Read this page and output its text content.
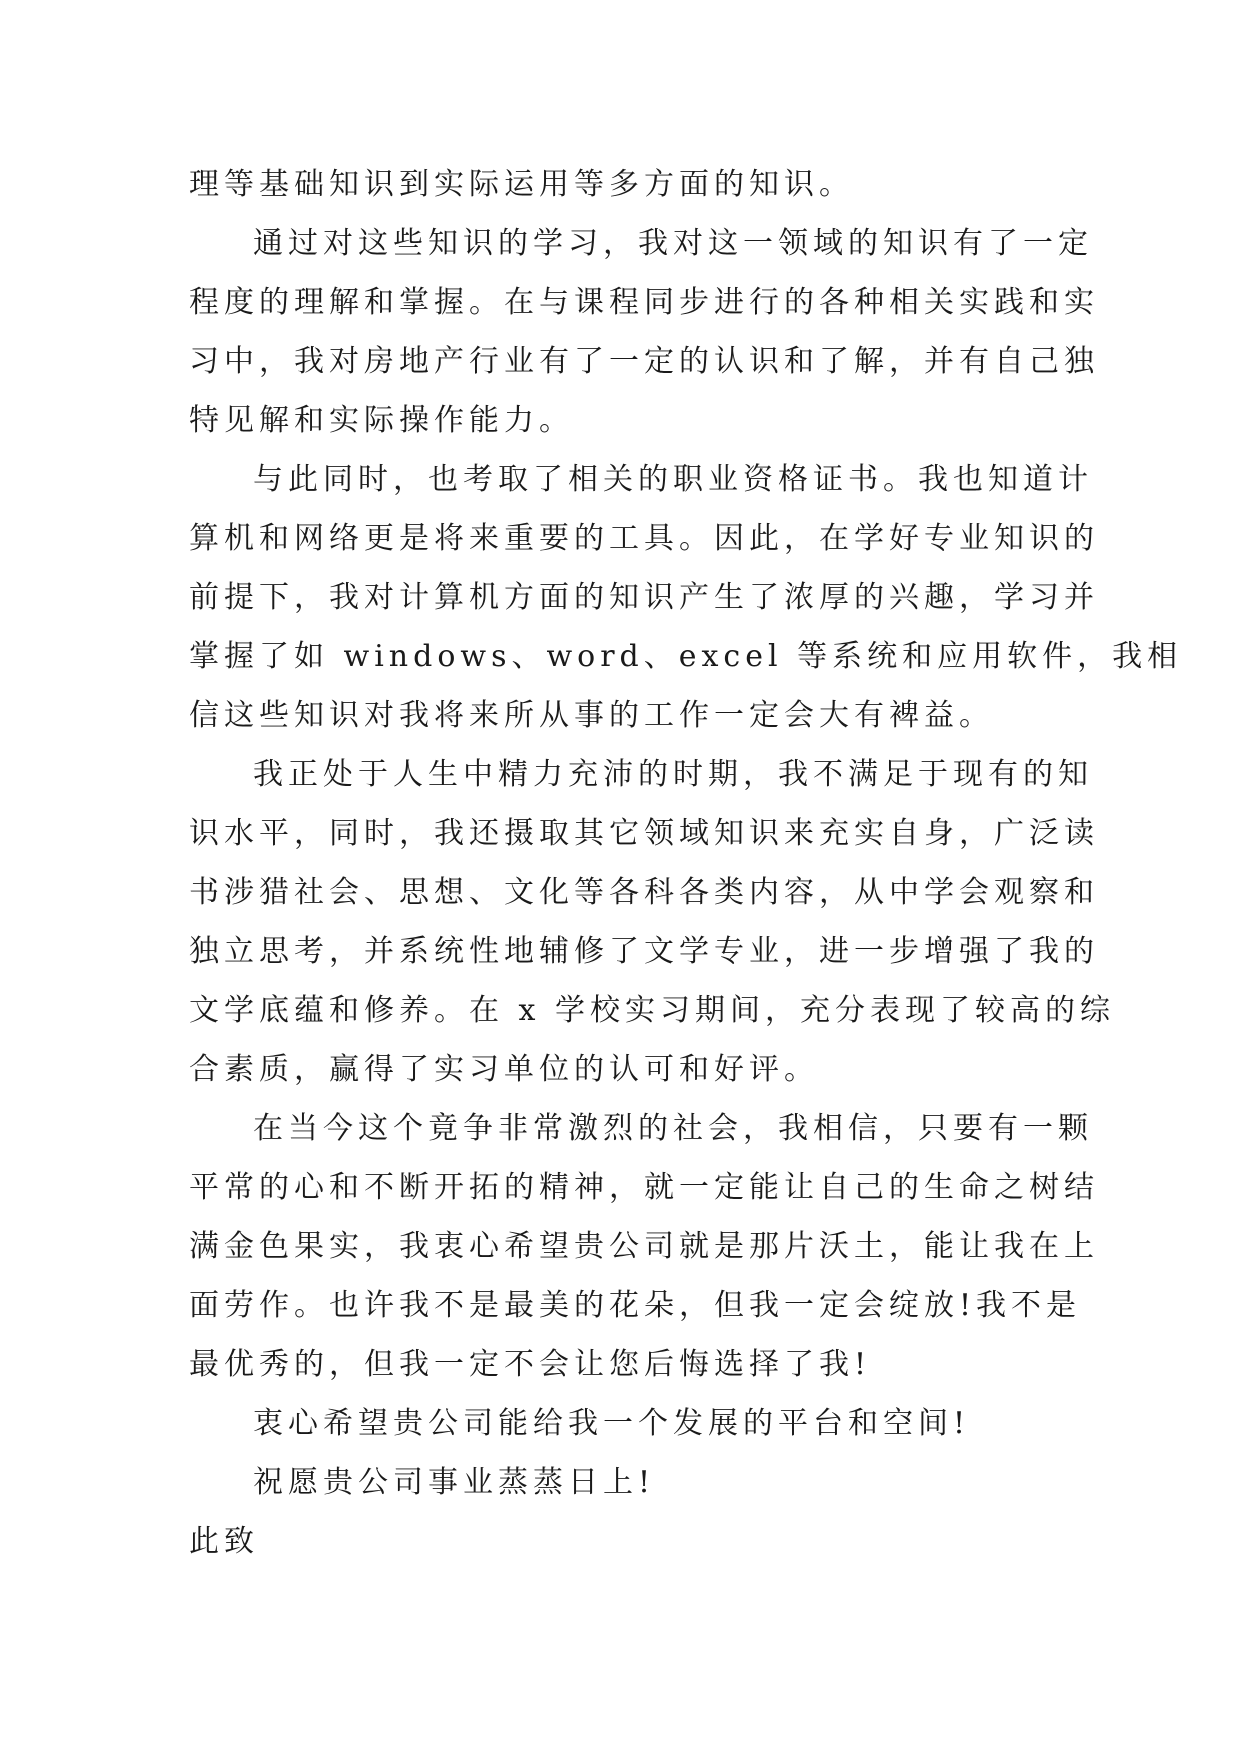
理等基础知识到实际运用等多方面的知识。
通过对这些知识的学习，我对这一领域的知识有了一定
程度的理解和掌握。在与课程同步进行的各种相关实践和实
习中，我对房地产行业有了一定的认识和了解，并有自己独
特见解和实际操作能力。
与此同时，也考取了相关的职业资格证书。我也知道计
算机和网络更是将来重要的工具。因此，在学好专业知识的
前提下，我对计算机方面的知识产生了浓厚的兴趣，学习并
掌握了如 windows、word、excel 等系统和应用软件，我相
信这些知识对我将来所从事的工作一定会大有裨益。
我正处于人生中精力充沛的时期，我不满足于现有的知
识水平，同时，我还摄取其它领域知识来充实自身，广泛读
书涉猎社会、思想、文化等各科各类内容，从中学会观察和
独立思考，并系统性地辅修了文学专业，进一步增强了我的
文学底蕴和修养。在 x 学校实习期间，充分表现了较高的综
合素质，赢得了实习单位的认可和好评。
在当今这个竟争非常激烈的社会，我相信，只要有一颗
平常的心和不断开拓的精神，就一定能让自己的生命之树结
满金色果实，我衷心希望贵公司就是那片沃土，能让我在上
面劳作。也许我不是最美的花朵，但我一定会绽放!我不是
最优秀的，但我一定不会让您后悔选择了我!
衷心希望贵公司能给我一个发展的平台和空间!
祝愿贵公司事业蒸蒸日上!
此致
